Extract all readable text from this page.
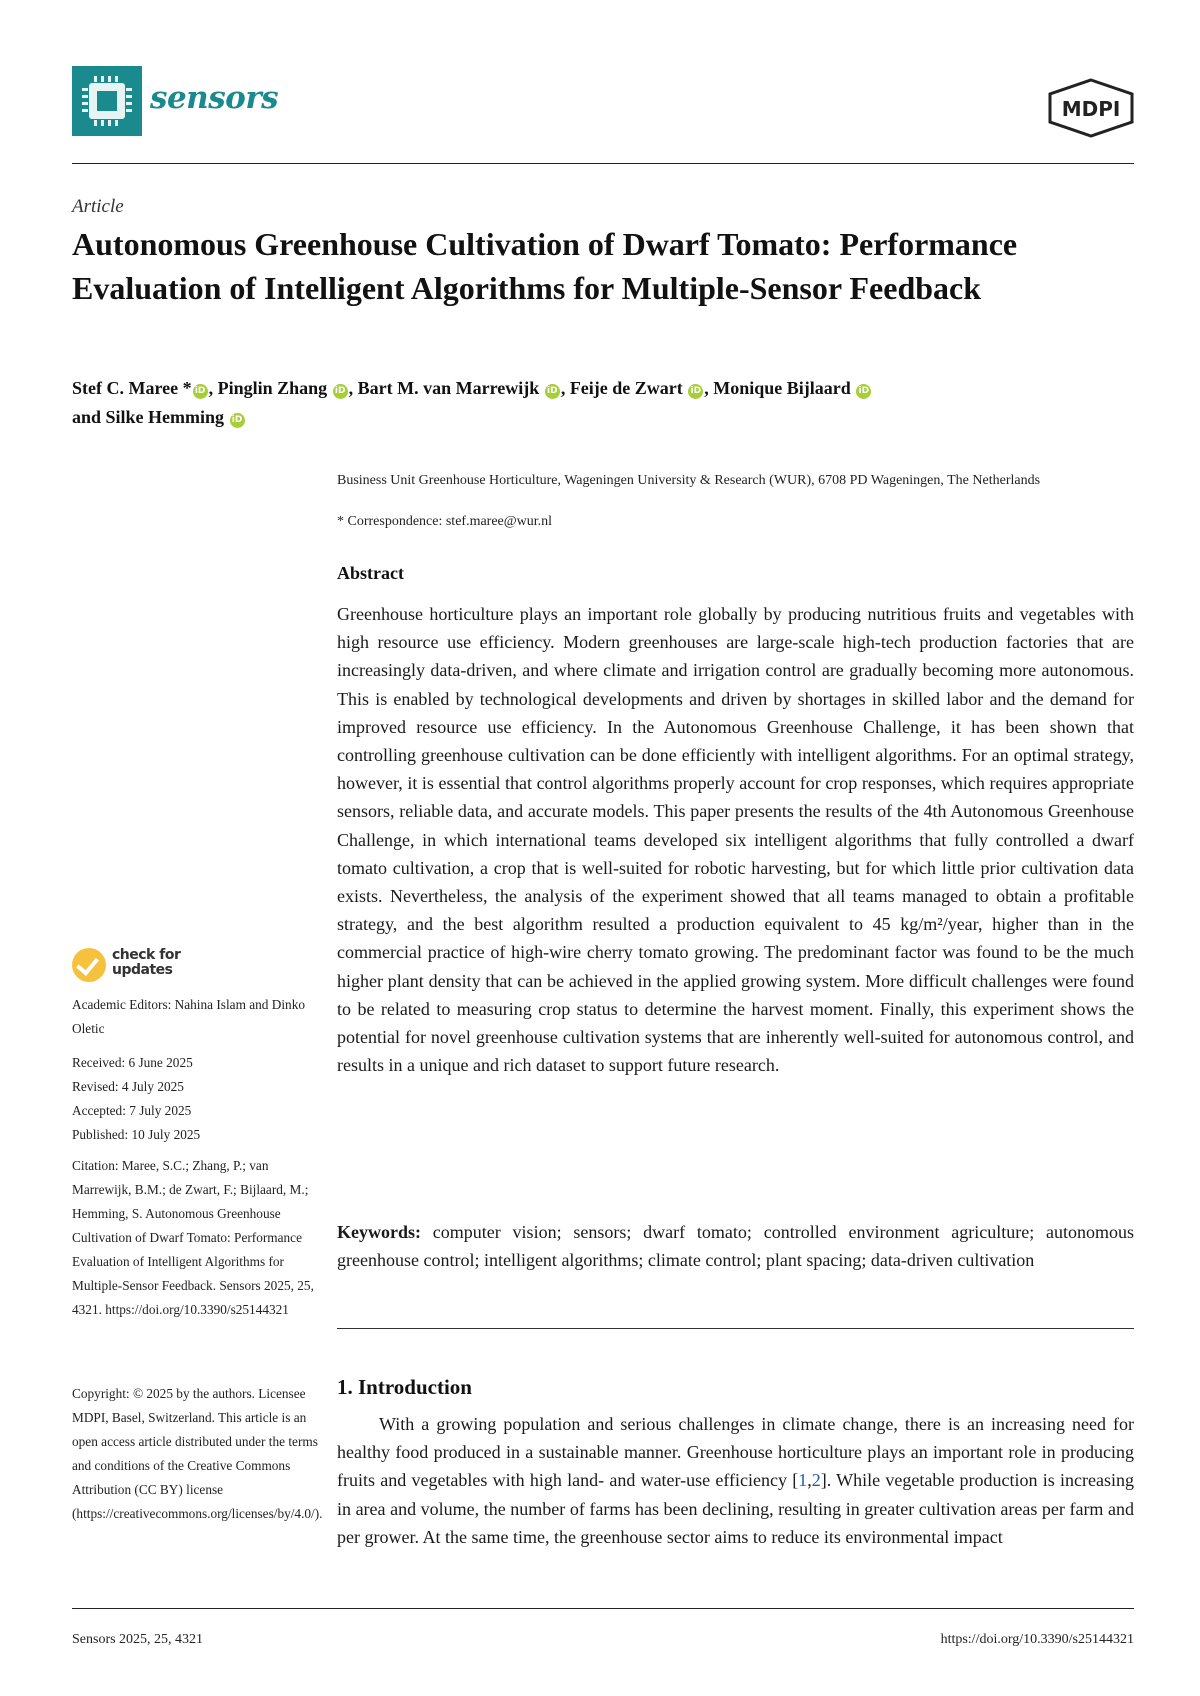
sensors	MDPI
Article
Autonomous Greenhouse Cultivation of Dwarf Tomato: Performance Evaluation of Intelligent Algorithms for Multiple-Sensor Feedback
Stef C. Maree * iD , Pinglin Zhang iD , Bart M. van Marrewijk iD , Feije de Zwart iD , Monique Bijlaard iD
and Silke Hemming iD
Business Unit Greenhouse Horticulture, Wageningen University & Research (WUR), 6708 PD Wageningen, The Netherlands
* Correspondence: stef.maree@wur.nl
Abstract
Greenhouse horticulture plays an important role globally by producing nutritious fruits and vegetables with high resource use efficiency. Modern greenhouses are large-scale high-tech production factories that are increasingly data-driven, and where climate and irrigation control are gradually becoming more autonomous. This is enabled by technological developments and driven by shortages in skilled labor and the demand for improved resource use efficiency. In the Autonomous Greenhouse Challenge, it has been shown that controlling greenhouse cultivation can be done efficiently with intelligent algorithms. For an optimal strategy, however, it is essential that control algorithms properly account for crop responses, which requires appropriate sensors, reliable data, and accurate models. This paper presents the results of the 4th Autonomous Greenhouse Challenge, in which international teams developed six intelligent algorithms that fully controlled a dwarf tomato cultivation, a crop that is well-suited for robotic harvesting, but for which little prior cultivation data exists. Nevertheless, the analysis of the experiment showed that all teams managed to obtain a profitable strategy, and the best algorithm resulted a production equivalent to 45 kg/m²/year, higher than in the commercial practice of high-wire cherry tomato growing. The predominant factor was found to be the much higher plant density that can be achieved in the applied growing system. More difficult challenges were found to be related to measuring crop status to determine the harvest moment. Finally, this experiment shows the potential for novel greenhouse cultivation systems that are inherently well-suited for autonomous control, and results in a unique and rich dataset to support future research.
Keywords: computer vision; sensors; dwarf tomato; controlled environment agriculture; autonomous greenhouse control; intelligent algorithms; climate control; plant spacing; data-driven cultivation
1. Introduction
With a growing population and serious challenges in climate change, there is an increasing need for healthy food produced in a sustainable manner. Greenhouse horticulture plays an important role in producing fruits and vegetables with high land- and water-use efficiency [1,2]. While vegetable production is increasing in area and volume, the number of farms has been declining, resulting in greater cultivation areas per farm and per grower. At the same time, the greenhouse sector aims to reduce its environmental impact
check for
updates
Academic Editors: Nahina Islam and Dinko Oletic
Received: 6 June 2025
Revised: 4 July 2025
Accepted: 7 July 2025
Published: 10 July 2025
Citation: Maree, S.C.; Zhang, P.; van Marrewijk, B.M.; de Zwart, F.; Bijlaard, M.; Hemming, S. Autonomous Greenhouse Cultivation of Dwarf Tomato: Performance Evaluation of Intelligent Algorithms for Multiple-Sensor Feedback. Sensors 2025, 25, 4321. https://doi.org/10.3390/s25144321
Copyright: © 2025 by the authors. Licensee MDPI, Basel, Switzerland. This article is an open access article distributed under the terms and conditions of the Creative Commons Attribution (CC BY) license (https://creativecommons.org/licenses/by/4.0/).
Sensors 2025, 25, 4321	https://doi.org/10.3390/s25144321
